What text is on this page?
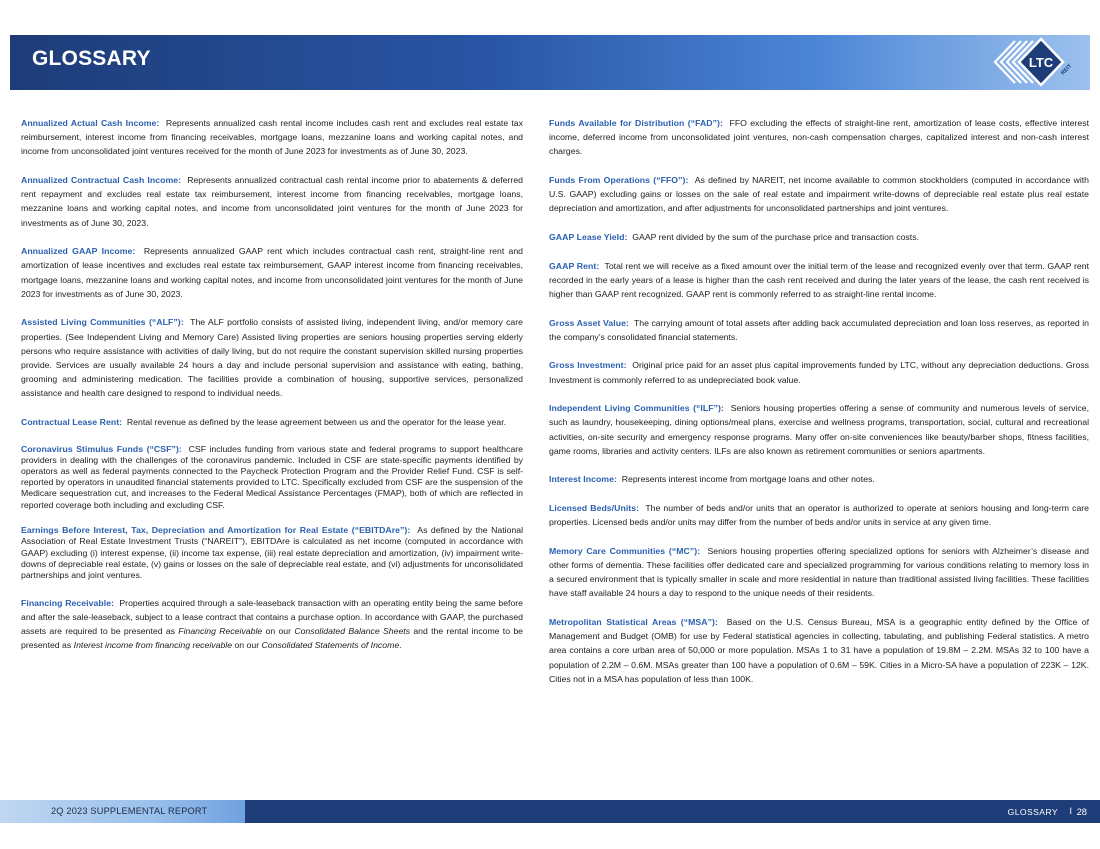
GLOSSARY	LTC REIT

Annualized Actual Cash Income: Represents annualized cash rental income includes cash rent and excludes real estate tax reimbursement, interest income from financing receivables, mortgage loans, mezzanine loans and working capital notes, and income from unconsolidated joint ventures received for the month of June 2023 for investments as of June 30, 2023.

Annualized Contractual Cash Income: Represents annualized contractual cash rental income prior to abatements & deferred rent repayment and excludes real estate tax reimbursement, interest income from financing receivables, mortgage loans, mezzanine loans and working capital notes, and income from unconsolidated joint ventures for the month of June 2023 for investments as of June 30, 2023.

Annualized GAAP Income: Represents annualized GAAP rent which includes contractual cash rent, straight-line rent and amortization of lease incentives and excludes real estate tax reimbursement, GAAP interest income from financing receivables, mortgage loans, mezzanine loans and working capital notes, and income from unconsolidated joint ventures for the month of June 2023 for investments as of June 30, 2023.

Assisted Living Communities (“ALF”): The ALF portfolio consists of assisted living, independent living, and/or memory care properties. (See Independent Living and Memory Care) Assisted living properties are seniors housing properties serving elderly persons who require assistance with activities of daily living, but do not require the constant supervision skilled nursing properties provide. Services are usually available 24 hours a day and include personal supervision and assistance with eating, bathing, grooming and administering medication. The facilities provide a combination of housing, supportive services, personalized assistance and health care designed to respond to individual needs.

Contractual Lease Rent: Rental revenue as defined by the lease agreement between us and the operator for the lease year.

Coronavirus Stimulus Funds (“CSF”): CSF includes funding from various state and federal programs to support healthcare providers in dealing with the challenges of the coronavirus pandemic. Included in CSF are state-specific payments identified by operators as well as federal payments connected to the Paycheck Protection Program and the Provider Relief Fund. CSF is self-reported by operators in unaudited financial statements provided to LTC. Specifically excluded from CSF are the suspension of the Medicare sequestration cut, and increases to the Federal Medical Assistance Percentages (FMAP), both of which are reflected in reported coverage both including and excluding CSF.

Earnings Before Interest, Tax, Depreciation and Amortization for Real Estate (“EBITDAre”): As defined by the National Association of Real Estate Investment Trusts (“NAREIT”), EBITDAre is calculated as net income (computed in accordance with GAAP) excluding (i) interest expense, (ii) income tax expense, (iii) real estate depreciation and amortization, (iv) impairment write-downs of depreciable real estate, (v) gains or losses on the sale of depreciable real estate, and (vi) adjustments for unconsolidated partnerships and joint ventures.

Financing Receivable: Properties acquired through a sale-leaseback transaction with an operating entity being the same before and after the sale-leaseback, subject to a lease contract that contains a purchase option. In accordance with GAAP, the purchased assets are required to be presented as Financing Receivable on our Consolidated Balance Sheets and the rental income to be presented as Interest income from financing receivable on our Consolidated Statements of Income.

Funds Available for Distribution (“FAD”): FFO excluding the effects of straight-line rent, amortization of lease costs, effective interest income, deferred income from unconsolidated joint ventures, non-cash compensation charges, capitalized interest and non-cash interest charges.

Funds From Operations (“FFO”): As defined by NAREIT, net income available to common stockholders (computed in accordance with U.S. GAAP) excluding gains or losses on the sale of real estate and impairment write-downs of depreciable real estate plus real estate depreciation and amortization, and after adjustments for unconsolidated partnerships and joint ventures.

GAAP Lease Yield: GAAP rent divided by the sum of the purchase price and transaction costs.

GAAP Rent: Total rent we will receive as a fixed amount over the initial term of the lease and recognized evenly over that term. GAAP rent recorded in the early years of a lease is higher than the cash rent received and during the later years of the lease, the cash rent received is higher than GAAP rent recognized. GAAP rent is commonly referred to as straight-line rental income.

Gross Asset Value: The carrying amount of total assets after adding back accumulated depreciation and loan loss reserves, as reported in the company’s consolidated financial statements.

Gross Investment: Original price paid for an asset plus capital improvements funded by LTC, without any depreciation deductions. Gross Investment is commonly referred to as undepreciated book value.

Independent Living Communities (“ILF”): Seniors housing properties offering a sense of community and numerous levels of service, such as laundry, housekeeping, dining options/meal plans, exercise and wellness programs, transportation, social, cultural and recreational activities, on-site security and emergency response programs. Many offer on-site conveniences like beauty/barber shops, fitness facilities, game rooms, libraries and activity centers. ILFs are also known as retirement communities or seniors apartments.

Interest Income: Represents interest income from mortgage loans and other notes.

Licensed Beds/Units: The number of beds and/or units that an operator is authorized to operate at seniors housing and long-term care properties. Licensed beds and/or units may differ from the number of beds and/or units in service at any given time.

Memory Care Communities (“MC”): Seniors housing properties offering specialized options for seniors with Alzheimer’s disease and other forms of dementia. These facilities offer dedicated care and specialized programming for various conditions relating to memory loss in a secured environment that is typically smaller in scale and more residential in nature than traditional assisted living facilities. These facilities have staff available 24 hours a day to respond to the unique needs of their residents.

Metropolitan Statistical Areas (“MSA”): Based on the U.S. Census Bureau, MSA is a geographic entity defined by the Office of Management and Budget (OMB) for use by Federal statistical agencies in collecting, tabulating, and publishing Federal statistics. A metro area contains a core urban area of 50,000 or more population. MSAs 1 to 31 have a population of 19.8M – 2.2M. MSAs 32 to 100 have a population of 2.2M – 0.6M. MSAs greater than 100 have a population of 0.6M – 59K. Cities in a Micro-SA have a population of 223K – 12K. Cities not in a MSA has population of less than 100K.

2Q 2023 SUPPLEMENTAL REPORT	GLOSSARY I 28
